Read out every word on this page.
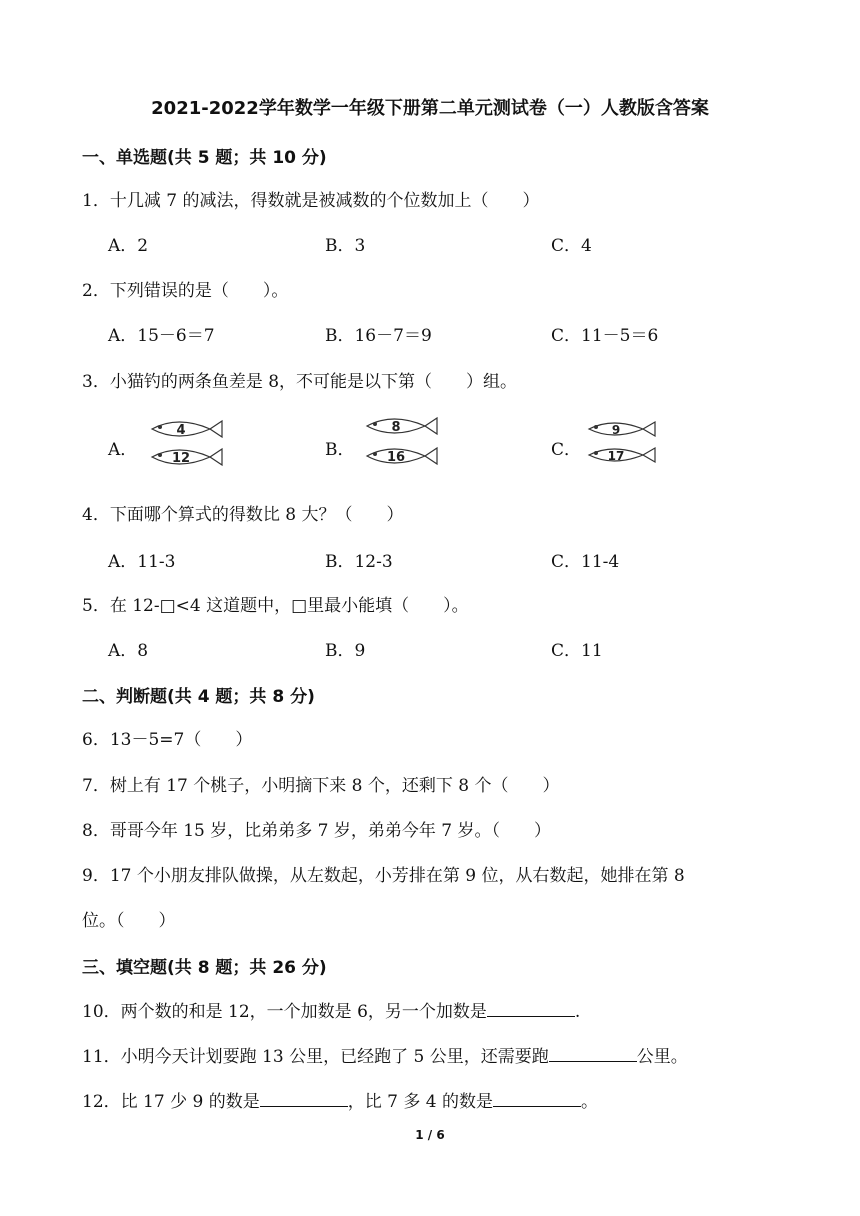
2021-2022学年数学一年级下册第二单元测试卷（一）人教版含答案
一、单选题(共 5 题；共 10 分)
1．十几减 7 的减法，得数就是被减数的个位数加上（　　）
A．2	B．3	C．4
2．下列错误的是（　　）。
A．15－6＝7	B．16－7＝9	C．11－5＝6
3．小猫钓的两条鱼差是 8，不可能是以下第（　　）组。
A．	B．	C．
4
12
8
16
9
17
4．下面哪个算式的得数比 8 大？（　　）
A．11-3	B．12-3	C．11-4
5．在 12-□<4 这道题中，□里最小能填（　　）。
A．8	B．9	C．11
二、判断题(共 4 题；共 8 分)
6．13－5=7（　　）
7．树上有 17 个桃子，小明摘下来 8 个，还剩下 8 个（　　）
8．哥哥今年 15 岁，比弟弟多 7 岁，弟弟今年 7 岁。（　　）
9．17 个小朋友排队做操，从左数起，小芳排在第 9 位，从右数起，她排在第 8
位。（　　）
三、填空题(共 8 题；共 26 分)
10．两个数的和是 12，一个加数是 6，另一个加数是	.
11．小明今天计划要跑 13 公里，已经跑了 5 公里，还需要跑	公里。
12．比 17 少 9 的数是	，比 7 多 4 的数是	。
1 / 6
